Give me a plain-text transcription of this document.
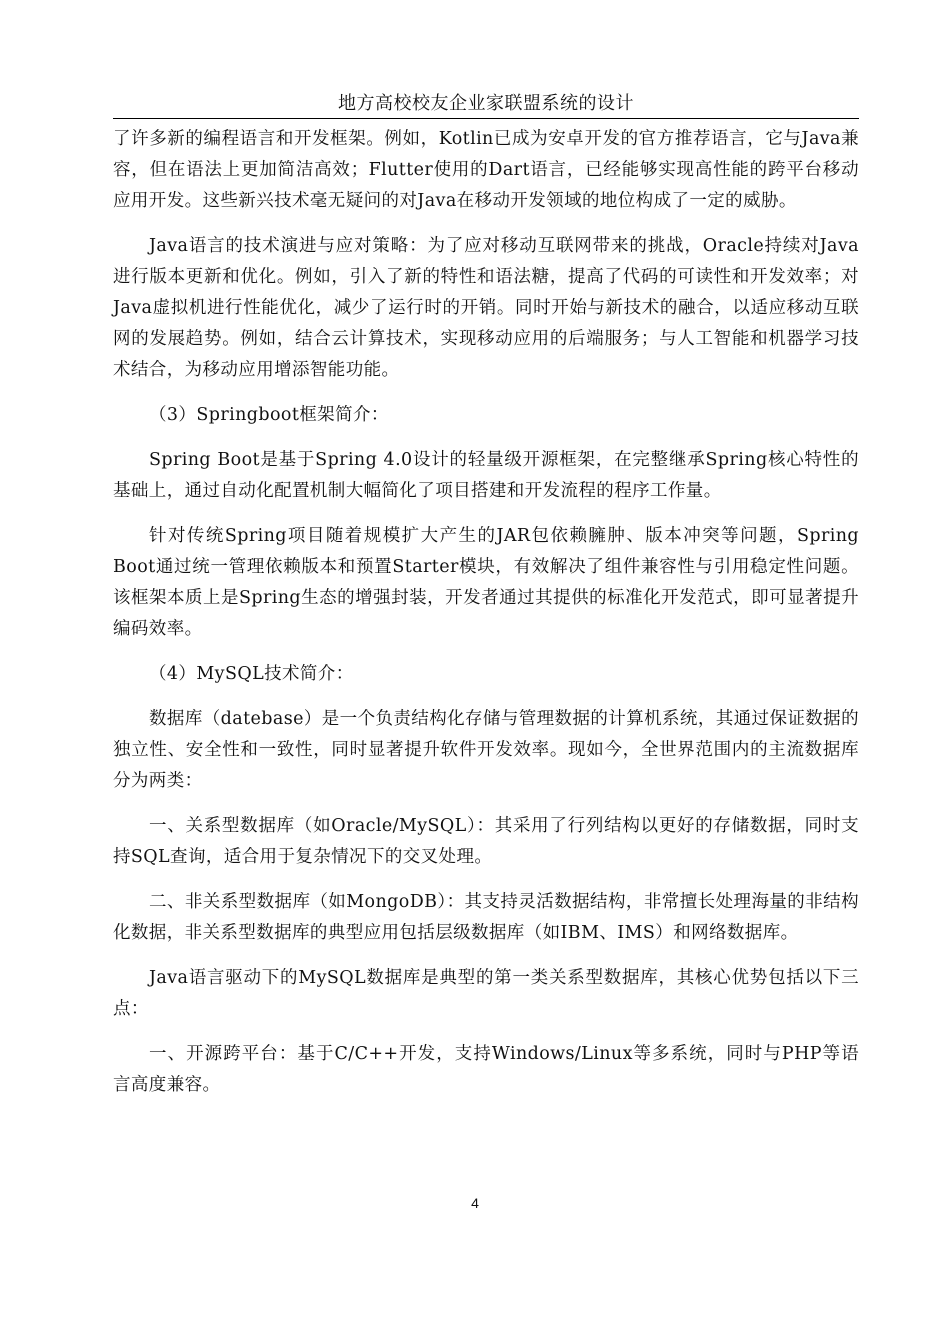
地方高校校友企业家联盟系统的设计

了许多新的编程语言和开发框架。例如，Kotlin已成为安卓开发的官方推荐语言，它与Java兼容，但在语法上更加简洁高效；Flutter使用的Dart语言，已经能够实现高性能的跨平台移动应用开发。这些新兴技术毫无疑问的对Java在移动开发领域的地位构成了一定的威胁。

Java语言的技术演进与应对策略：为了应对移动互联网带来的挑战，Oracle持续对Java进行版本更新和优化。例如，引入了新的特性和语法糖，提高了代码的可读性和开发效率；对Java虚拟机进行性能优化，减少了运行时的开销。同时开始与新技术的融合，以适应移动互联网的发展趋势。例如，结合云计算技术，实现移动应用的后端服务；与人工智能和机器学习技术结合，为移动应用增添智能功能。

（3）Springboot框架简介：

Spring Boot是基于Spring 4.0设计的轻量级开源框架，在完整继承Spring核心特性的基础上，通过自动化配置机制大幅简化了项目搭建和开发流程的程序工作量。

针对传统Spring项目随着规模扩大产生的JAR包依赖臃肿、版本冲突等问题，Spring Boot通过统一管理依赖版本和预置Starter模块，有效解决了组件兼容性与引用稳定性问题。该框架本质上是Spring生态的增强封装，开发者通过其提供的标准化开发范式，即可显著提升编码效率。

（4）MySQL技术简介：

数据库（datebase）是一个负责结构化存储与管理数据的计算机系统，其通过保证数据的独立性、安全性和一致性，同时显著提升软件开发效率。现如今，全世界范围内的主流数据库分为两类：

一、关系型数据库（如Oracle/MySQL）：其采用了行列结构以更好的存储数据，同时支持SQL查询，适合用于复杂情况下的交叉处理。

二、非关系型数据库（如MongoDB）：其支持灵活数据结构，非常擅长处理海量的非结构化数据，非关系型数据库的典型应用包括层级数据库（如IBM、IMS）和网络数据库。

Java语言驱动下的MySQL数据库是典型的第一类关系型数据库，其核心优势包括以下三点：

一、开源跨平台：基于C/C++开发，支持Windows/Linux等多系统，同时与PHP等语言高度兼容。

4
